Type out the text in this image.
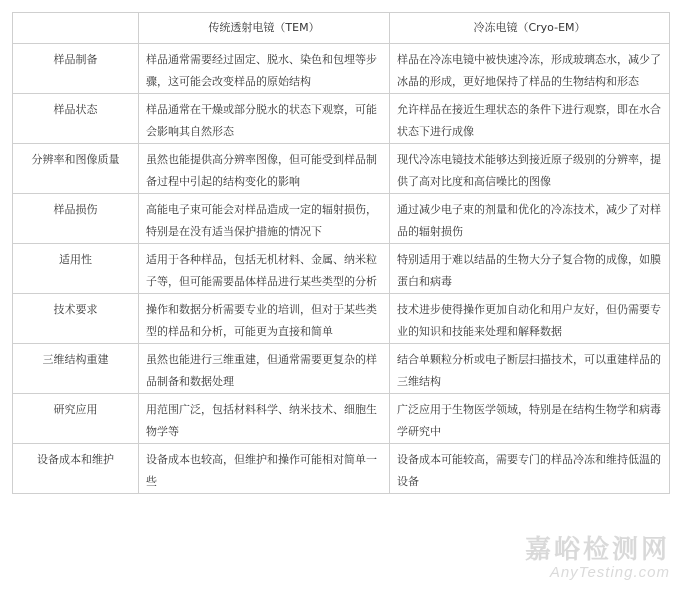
	传统透射电镜（TEM）	冷冻电镜（Cryo-EM）
样品制备	样品通常需要经过固定、脱水、染色和包埋等步骤，这可能会改变样品的原始结构	样品在冷冻电镜中被快速冷冻，形成玻璃态水，减少了冰晶的形成，更好地保持了样品的生物结构和形态
样品状态	样品通常在干燥或部分脱水的状态下观察，可能会影响其自然形态	允许样品在接近生理状态的条件下进行观察，即在水合状态下进行成像
分辨率和图像质量	虽然也能提供高分辨率图像，但可能受到样品制备过程中引起的结构变化的影响	现代冷冻电镜技术能够达到接近原子级别的分辨率，提供了高对比度和高信噪比的图像
样品损伤	高能电子束可能会对样品造成一定的辐射损伤，特别是在没有适当保护措施的情况下	通过减少电子束的剂量和优化的冷冻技术，减少了对样品的辐射损伤
适用性	适用于各种样品，包括无机材料、金属、纳米粒子等，但可能需要晶体样品进行某些类型的分析	特别适用于难以结晶的生物大分子复合物的成像，如膜蛋白和病毒
技术要求	操作和数据分析需要专业的培训，但对于某些类型的样品和分析，可能更为直接和简单	技术进步使得操作更加自动化和用户友好，但仍需要专业的知识和技能来处理和解释数据
三维结构重建	虽然也能进行三维重建，但通常需要更复杂的样品制备和数据处理	结合单颗粒分析或电子断层扫描技术，可以重建样品的三维结构
研究应用	用范围广泛，包括材料科学、纳米技术、细胞生物学等	广泛应用于生物医学领域，特别是在结构生物学和病毒学研究中
设备成本和维护	设备成本也较高，但维护和操作可能相对简单一些	设备成本可能较高，需要专门的样品冷冻和维持低温的设备
嘉峪检测网
AnyTesting.com
